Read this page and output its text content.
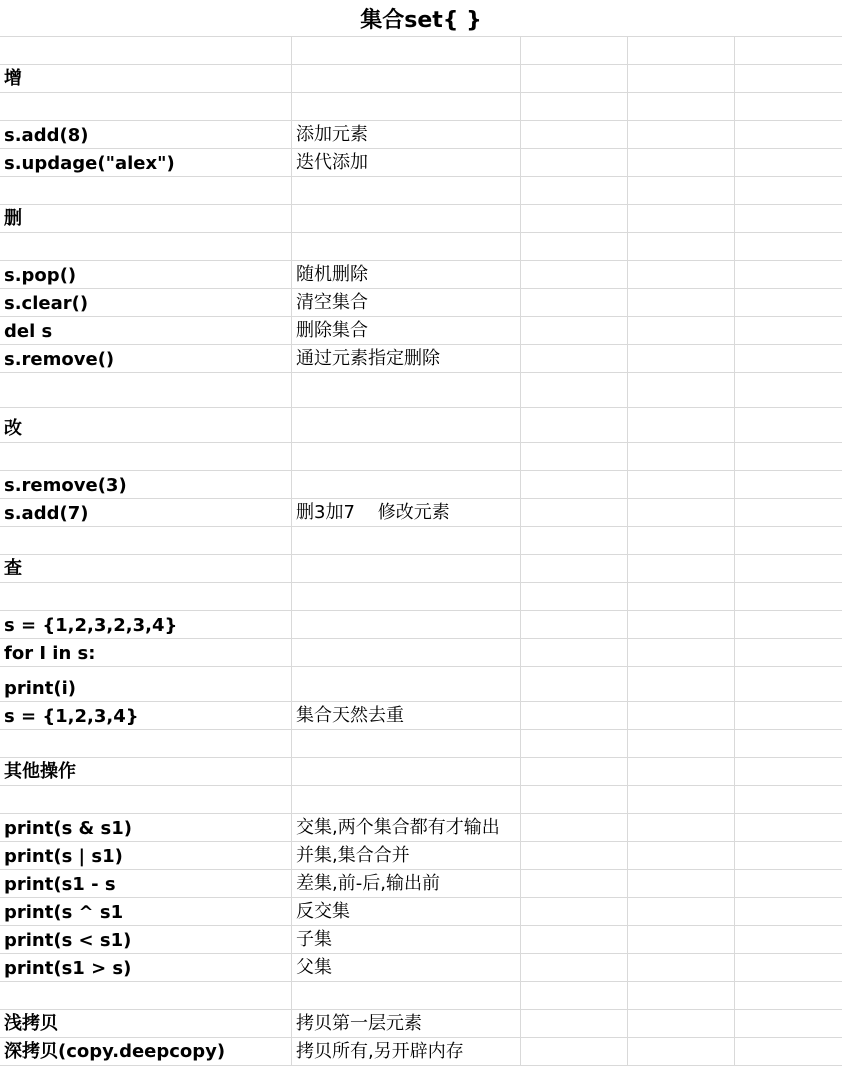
集合set{ }
增
s.add(8)	添加元素
s.updage("alex")	迭代添加
删
s.pop()	随机删除
s.clear()	清空集合
del s	删除集合
s.remove()	通过元素指定删除
改
s.remove(3)
s.add(7)	删3加7    修改元素
查
s = {1,2,3,2,3,4}
for I in s:
print(i)
s = {1,2,3,4}	集合天然去重
其他操作
print(s & s1)	交集,两个集合都有才输出
print(s | s1)	并集,集合合并
print(s1 - s	差集,前-后,输出前
print(s ^ s1	反交集
print(s < s1)	子集
print(s1 > s)	父集
浅拷贝	拷贝第一层元素
深拷贝(copy.deepcopy)	拷贝所有,另开辟内存
